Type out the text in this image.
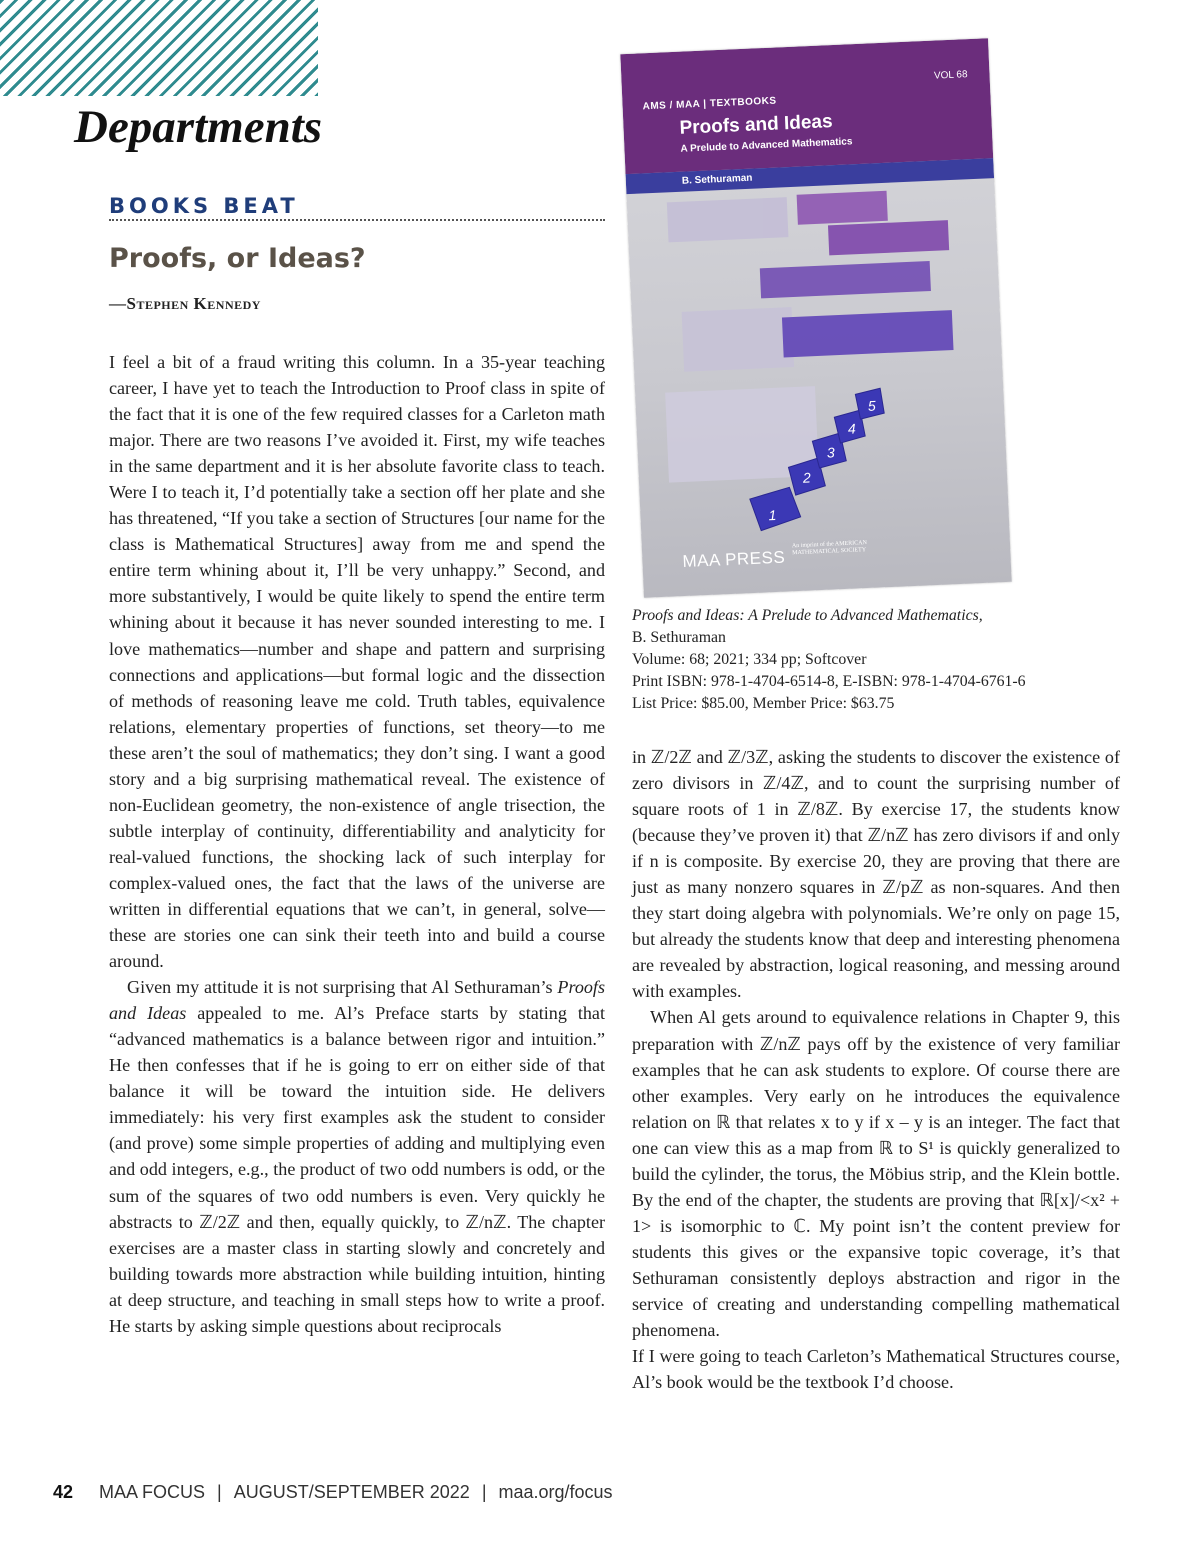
Departments
BOOKS BEAT
Proofs, or Ideas?
—Stephen Kennedy

I feel a bit of a fraud writing this column. In a 35-year teaching career, I have yet to teach the Introduction to Proof class in spite of the fact that it is one of the few required classes for a Carleton math major. There are two reasons I’ve avoided it. First, my wife teaches in the same department and it is her absolute favorite class to teach. Were I to teach it, I’d potentially take a section off her plate and she has threatened, “If you take a section of Structures [our name for the class is Mathematical Structures] away from me and spend the entire term whining about it, I’ll be very unhappy.” Second, and more substantively, I would be quite likely to spend the entire term whining about it because it has never sounded interesting to me. I love mathematics—number and shape and pattern and surprising connections and applications—but formal logic and the dissection of methods of reasoning leave me cold. Truth tables, equivalence relations, elementary properties of functions, set theory—to me these aren’t the soul of mathematics; they don’t sing. I want a good story and a big surprising mathematical reveal. The existence of non-Euclidean geometry, the non-existence of angle trisection, the subtle interplay of continuity, differentiability and analyticity for real-valued functions, the shocking lack of such interplay for complex-valued ones, the fact that the laws of the universe are written in differential equations that we can’t, in general, solve—these are stories one can sink their teeth into and build a course around.

Given my attitude it is not surprising that Al Sethuraman’s Proofs and Ideas appealed to me. Al’s Preface starts by stating that “advanced mathematics is a balance between rigor and intuition.” He then confesses that if he is going to err on either side of that balance it will be toward the intuition side. He delivers immediately: his very first examples ask the student to consider (and prove) some simple properties of adding and multiplying even and odd integers, e.g., the product of two odd numbers is odd, or the sum of the squares of two odd numbers is even. Very quickly he abstracts to ℤ/2ℤ and then, equally quickly, to ℤ/nℤ. The chapter exercises are a master class in starting slowly and concretely and building towards more abstraction while building intuition, hinting at deep structure, and teaching in small steps how to write a proof. He starts by asking simple questions about reciprocals

VOL 68
AMS / MAA | TEXTBOOKS
Proofs and Ideas
A Prelude to Advanced Mathematics
B. Sethuraman
1
2
3
4
5
MAA PRESS
An imprint of the AMERICAN MATHEMATICAL SOCIETY
Proofs and Ideas: A Prelude to Advanced Mathematics,
B. Sethuraman
Volume: 68; 2021; 334 pp; Softcover
Print ISBN: 978-1-4704-6514-8, E-ISBN: 978-1-4704-6761-6
List Price: $85.00, Member Price: $63.75

in ℤ/2ℤ and ℤ/3ℤ, asking the students to discover the existence of zero divisors in ℤ/4ℤ, and to count the surprising number of square roots of 1 in ℤ/8ℤ. By exercise 17, the students know (because they’ve proven it) that ℤ/nℤ has zero divisors if and only if n is composite. By exercise 20, they are proving that there are just as many nonzero squares in ℤ/pℤ as non-squares. And then they start doing algebra with polynomials. We’re only on page 15, but already the students know that deep and interesting phenomena are revealed by abstraction, logical reasoning, and messing around with examples.

When Al gets around to equivalence relations in Chapter 9, this preparation with ℤ/nℤ pays off by the existence of very familiar examples that he can ask students to explore. Of course there are other examples. Very early on he introduces the equivalence relation on ℝ that relates x to y if x – y is an integer. The fact that one can view this as a map from ℝ to S¹ is quickly generalized to build the cylinder, the torus, the Möbius strip, and the Klein bottle. By the end of the chapter, the students are proving that ℝ[x]/<x² + 1> is isomorphic to ℂ. My point isn’t the content preview for students this gives or the expansive topic coverage, it’s that Sethuraman consistently deploys abstraction and rigor in the service of creating and understanding compelling mathematical phenomena.

If I were going to teach Carleton’s Mathematical Structures course, Al’s book would be the textbook I’d choose.

42 MAA FOCUS | AUGUST/SEPTEMBER 2022 | maa.org/focus
